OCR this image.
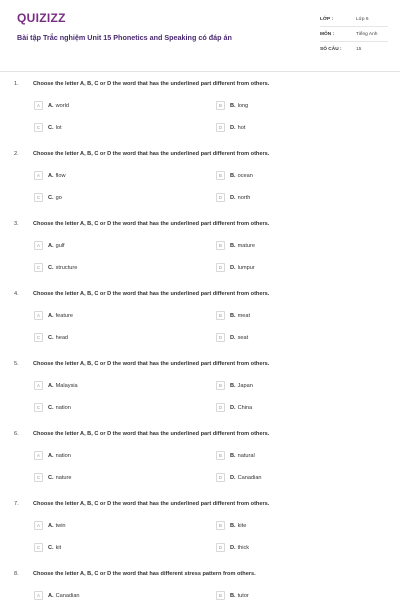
QUIZIZZ
Bài tập Trắc nghiệm Unit 15 Phonetics and Speaking có đáp án
LỚP :	Lớp 6
MÔN :	Tiếng Anh
SỐ CÂU :	15
1.	Choose the letter A, B, C or D the word that has the underlined part different from others.
A	A. world	B	B. long
C	C. lot	D	D. hot
2.	Choose the letter A, B, C or D the word that has the underlined part different from others.
A	A. flow	B	B. ocean
C	C. go	D	D. north
3.	Choose the letter A, B, C or D the word that has the underlined part different from others.
A	A. gulf	B	B. mature
C	C. structure	D	D. lumpur
4.	Choose the letter A, B, C or D the word that has the underlined part different from others.
A	A. feature	B	B. meat
C	C. head	D	D. seat
5.	Choose the letter A, B, C or D the word that has the underlined part different from others.
A	A. Malaysia	B	B. Japan
C	C. nation	D	D. China
6.	Choose the letter A, B, C or D the word that has the underlined part different from others.
A	A. nation	B	B. natural
C	C. nature	D	D. Canadian
7.	Choose the letter A, B, C or D the word that has the underlined part different from others.
A	A. twin	B	B. kite
C	C. kit	D	D. thick
8.	Choose the letter A, B, C or D the word that has different stress pattern from others.
A	A. Canadian	B	B. tutor
